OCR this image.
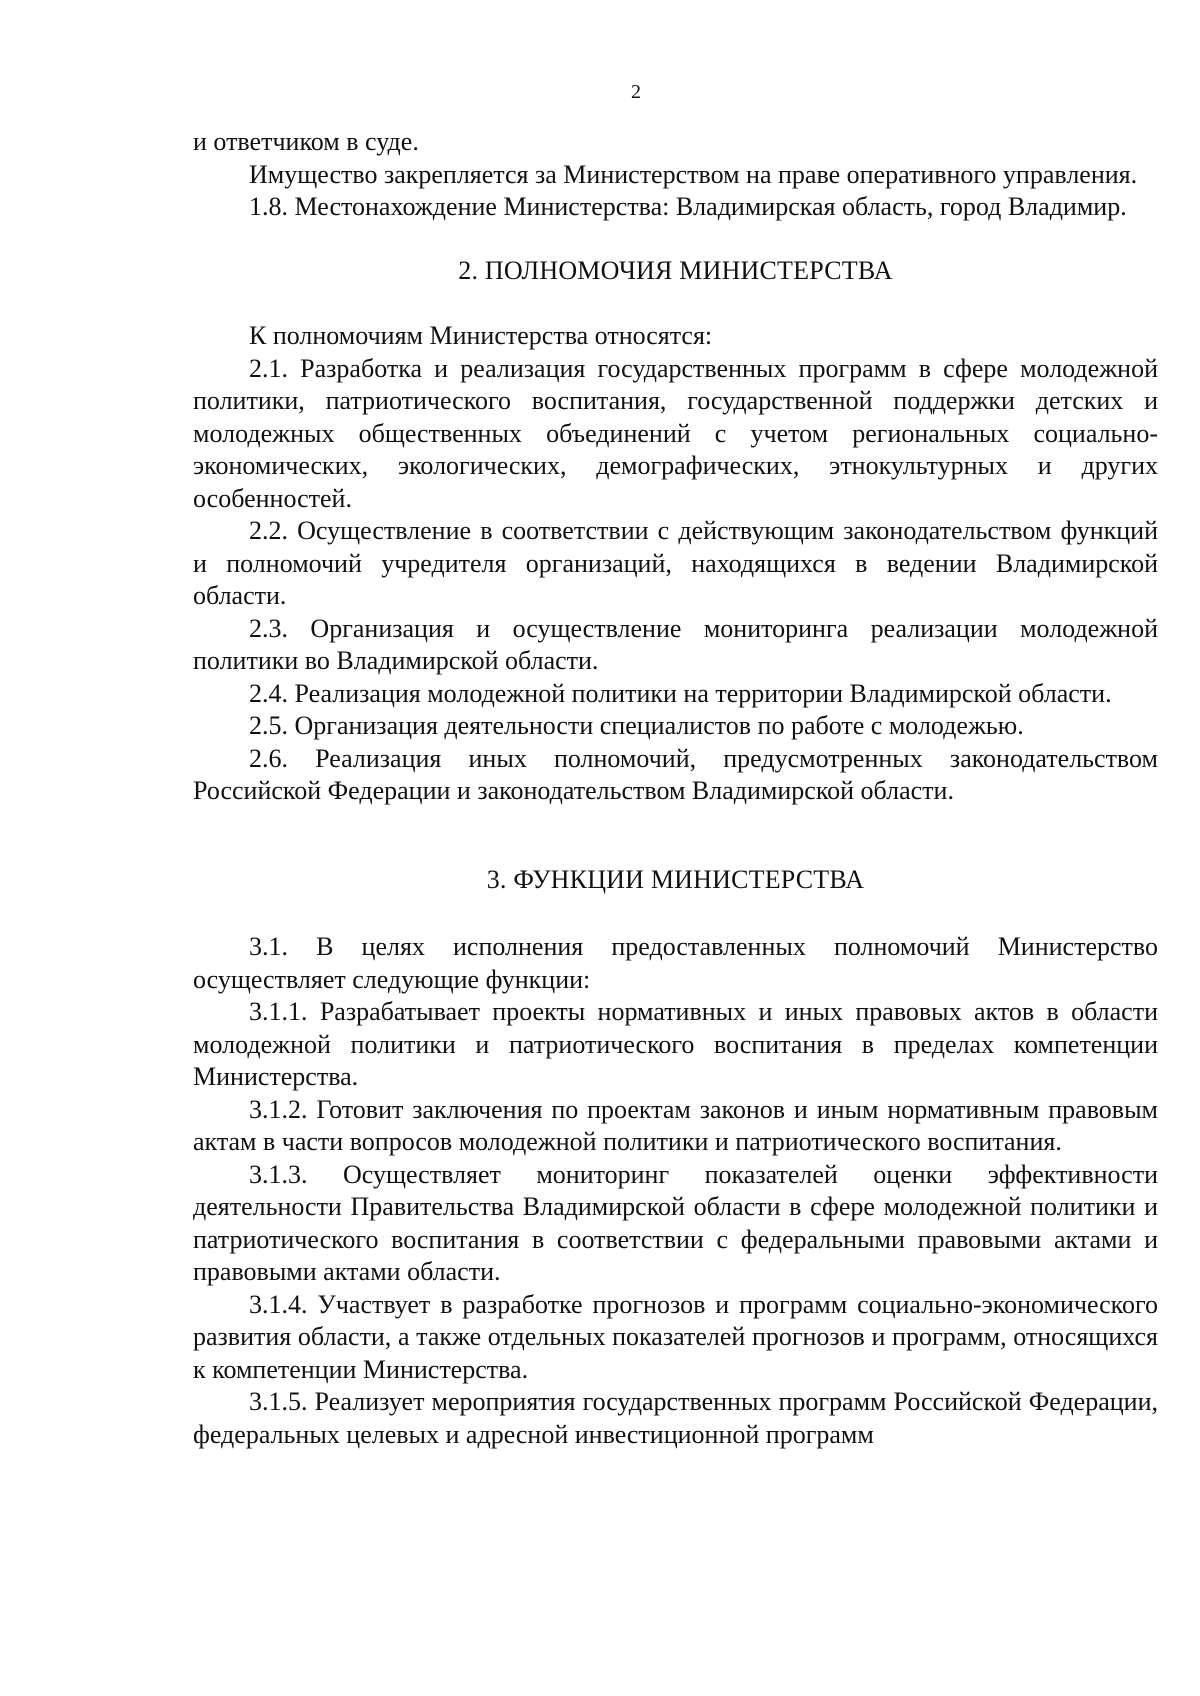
2

и ответчиком в суде.

Имущество закрепляется за Министерством на праве оперативного управления.

1.8. Местонахождение Министерства: Владимирская область, город Владимир.

2. ПОЛНОМОЧИЯ МИНИСТЕРСТВА

К полномочиям Министерства относятся:

2.1. Разработка и реализация государственных программ в сфере молодежной политики, патриотического воспитания, государственной поддержки детских и молодежных общественных объединений с учетом региональных социально-экономических, экологических, демографических, этнокультурных и других особенностей.

2.2. Осуществление в соответствии с действующим законодательством функций и полномочий учредителя организаций, находящихся в ведении Владимирской области.

2.3. Организация и осуществление мониторинга реализации молодежной политики во Владимирской области.

2.4. Реализация молодежной политики на территории Владимирской области.

2.5. Организация деятельности специалистов по работе с молодежью.

2.6. Реализация иных полномочий, предусмотренных законодательством Российской Федерации и законодательством Владимирской области.

3. ФУНКЦИИ МИНИСТЕРСТВА

3.1. В целях исполнения предоставленных полномочий Министерство осуществляет следующие функции:

3.1.1. Разрабатывает проекты нормативных и иных правовых актов в области молодежной политики и патриотического воспитания в пределах компетенции Министерства.

3.1.2. Готовит заключения по проектам законов и иным нормативным правовым актам в части вопросов молодежной политики и патриотического воспитания.

3.1.3. Осуществляет мониторинг показателей оценки эффективности деятельности Правительства Владимирской области в сфере молодежной политики и патриотического воспитания в соответствии с федеральными правовыми актами и правовыми актами области.

3.1.4. Участвует в разработке прогнозов и программ социально-экономического развития области, а также отдельных показателей прогнозов и программ, относящихся к компетенции Министерства.

3.1.5. Реализует мероприятия государственных программ Российской Федерации, федеральных целевых и адресной инвестиционной программ
